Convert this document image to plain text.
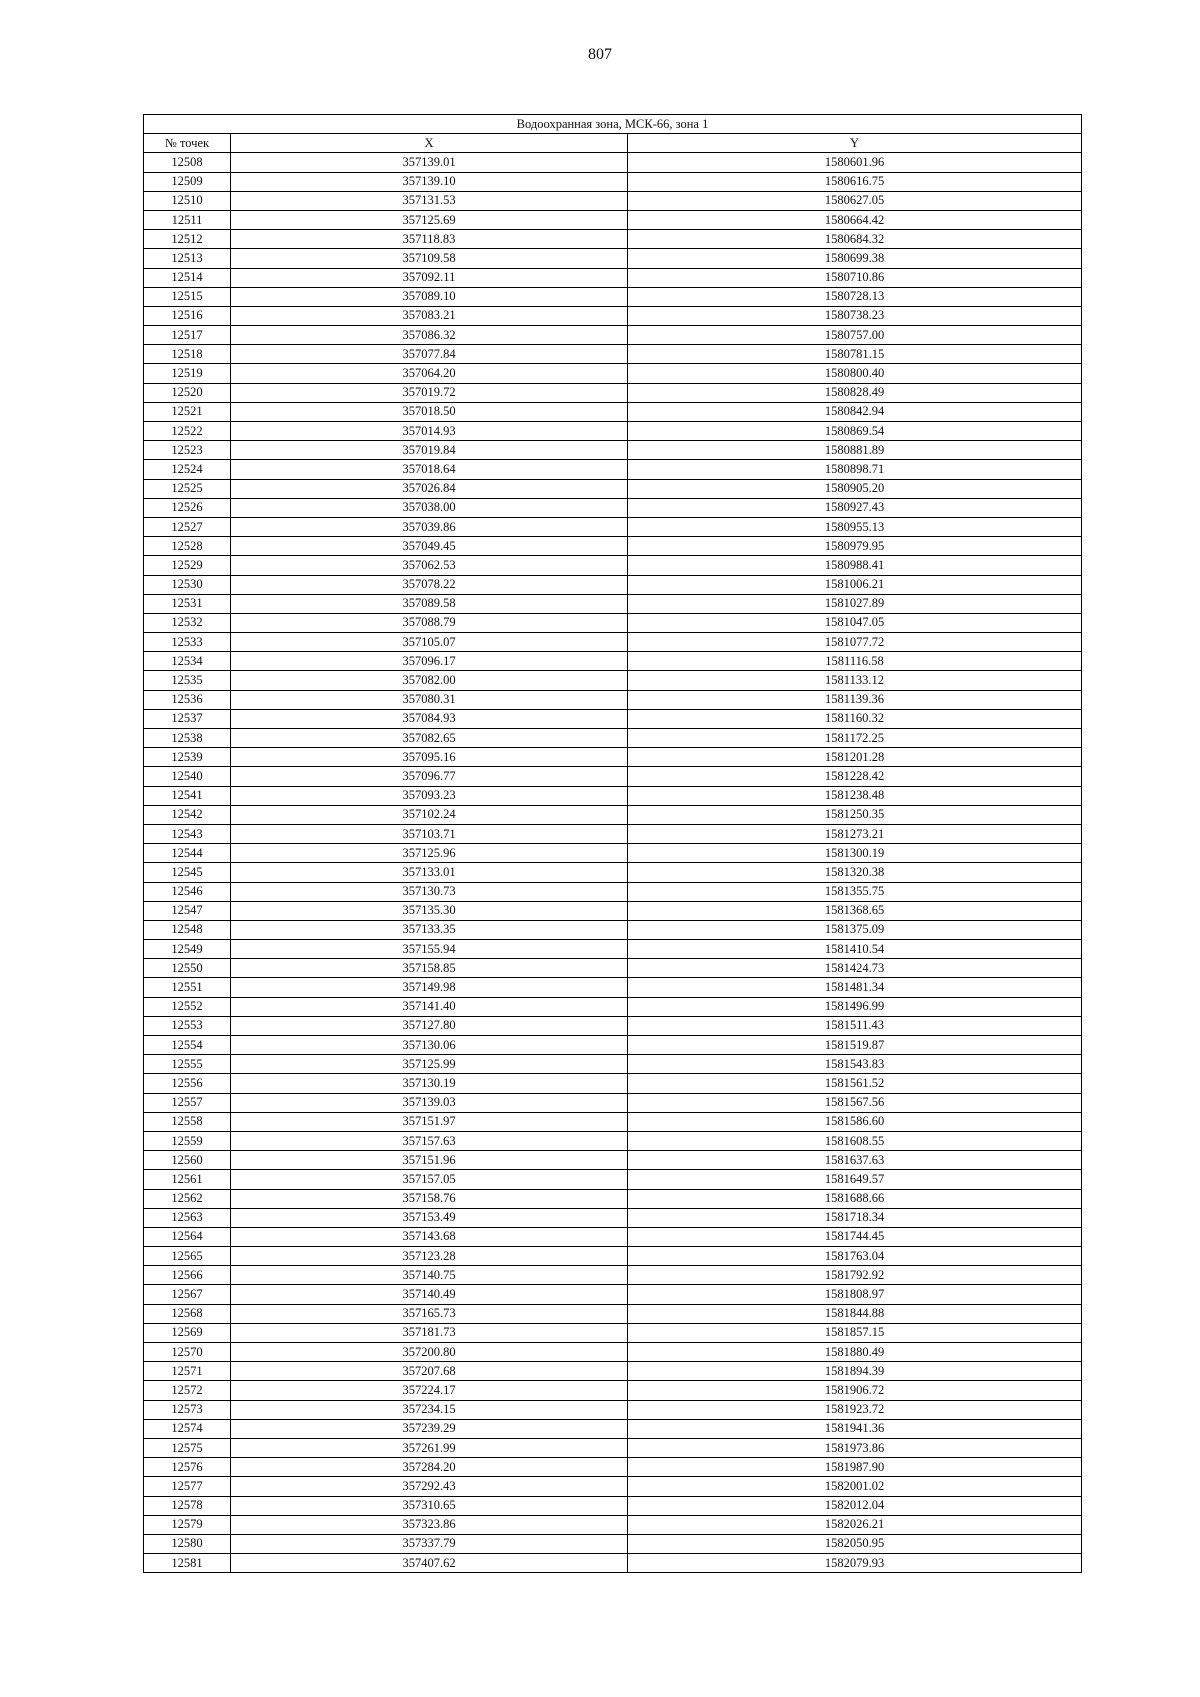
807
Водоохранная зона, МСК-66, зона 1		
№ точек	X	Y
12508	357139.01	1580601.96
12509	357139.10	1580616.75
12510	357131.53	1580627.05
12511	357125.69	1580664.42
12512	357118.83	1580684.32
12513	357109.58	1580699.38
12514	357092.11	1580710.86
12515	357089.10	1580728.13
12516	357083.21	1580738.23
12517	357086.32	1580757.00
12518	357077.84	1580781.15
12519	357064.20	1580800.40
12520	357019.72	1580828.49
12521	357018.50	1580842.94
12522	357014.93	1580869.54
12523	357019.84	1580881.89
12524	357018.64	1580898.71
12525	357026.84	1580905.20
12526	357038.00	1580927.43
12527	357039.86	1580955.13
12528	357049.45	1580979.95
12529	357062.53	1580988.41
12530	357078.22	1581006.21
12531	357089.58	1581027.89
12532	357088.79	1581047.05
12533	357105.07	1581077.72
12534	357096.17	1581116.58
12535	357082.00	1581133.12
12536	357080.31	1581139.36
12537	357084.93	1581160.32
12538	357082.65	1581172.25
12539	357095.16	1581201.28
12540	357096.77	1581228.42
12541	357093.23	1581238.48
12542	357102.24	1581250.35
12543	357103.71	1581273.21
12544	357125.96	1581300.19
12545	357133.01	1581320.38
12546	357130.73	1581355.75
12547	357135.30	1581368.65
12548	357133.35	1581375.09
12549	357155.94	1581410.54
12550	357158.85	1581424.73
12551	357149.98	1581481.34
12552	357141.40	1581496.99
12553	357127.80	1581511.43
12554	357130.06	1581519.87
12555	357125.99	1581543.83
12556	357130.19	1581561.52
12557	357139.03	1581567.56
12558	357151.97	1581586.60
12559	357157.63	1581608.55
12560	357151.96	1581637.63
12561	357157.05	1581649.57
12562	357158.76	1581688.66
12563	357153.49	1581718.34
12564	357143.68	1581744.45
12565	357123.28	1581763.04
12566	357140.75	1581792.92
12567	357140.49	1581808.97
12568	357165.73	1581844.88
12569	357181.73	1581857.15
12570	357200.80	1581880.49
12571	357207.68	1581894.39
12572	357224.17	1581906.72
12573	357234.15	1581923.72
12574	357239.29	1581941.36
12575	357261.99	1581973.86
12576	357284.20	1581987.90
12577	357292.43	1582001.02
12578	357310.65	1582012.04
12579	357323.86	1582026.21
12580	357337.79	1582050.95
12581	357407.62	1582079.93
